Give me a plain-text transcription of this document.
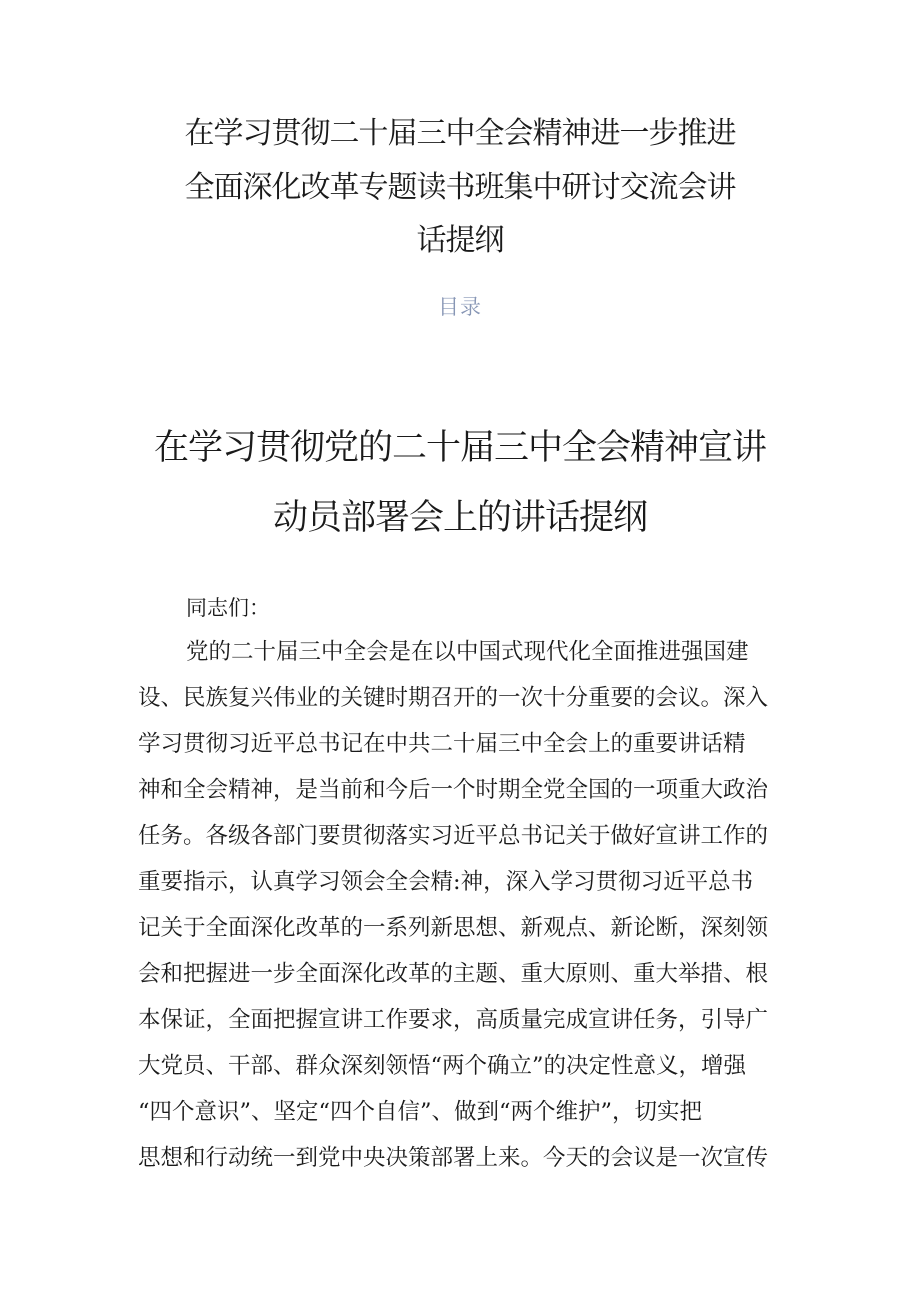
在学习贯彻二十届三中全会精神进一步推进
全面深化改革专题读书班集中研讨交流会讲
话提纲
目录
在学习贯彻党的二十届三中全会精神宣讲
动员部署会上的讲话提纲
同志们：
党的二十届三中全会是在以中国式现代化全面推进强国建
设、民族复兴伟业的关键时期召开的一次十分重要的会议。深入
学习贯彻习近平总书记在中共二十届三中全会上的重要讲话精
神和全会精神，是当前和今后一个时期全党全国的一项重大政治
任务。各级各部门要贯彻落实习近平总书记关于做好宣讲工作的
重要指示，认真学习领会全会精:神，深入学习贯彻习近平总书
记关于全面深化改革的一系列新思想、新观点、新论断，深刻领
会和把握进一步全面深化改革的主题、重大原则、重大举措、根
本保证，全面把握宣讲工作要求，高质量完成宣讲任务，引导广
大党员、干部、群众深刻领悟“两个确立”的决定性意义，增强
“四个意识”、坚定“四个自信”、做到“两个维护”，切实把
思想和行动统一到党中央决策部署上来。今天的会议是一次宣传
